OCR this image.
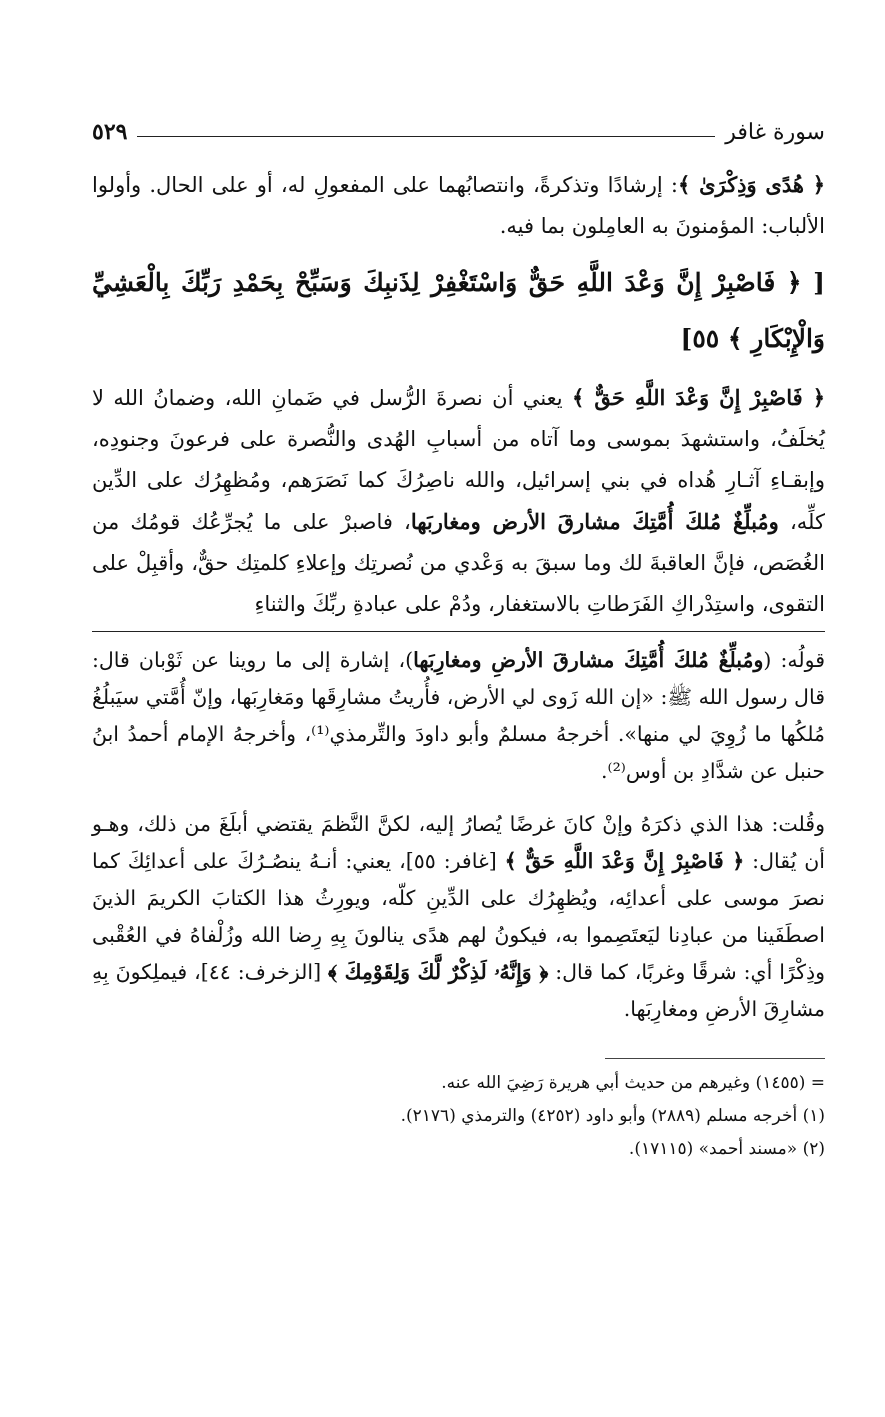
سورة غافر
٥٢٩

﴿ هُدًى وَذِكْرَىٰ ﴾: إرشادًا وتذكرةً، وانتصابُهما على المفعولِ له، أو على الحال. وأولوا الألباب: المؤمنونَ به العامِلون بما فيه.

[ ﴿ فَاصْبِرْ إِنَّ وَعْدَ اللَّهِ حَقٌّ وَاسْتَغْفِرْ لِذَنبِكَ وَسَبِّحْ بِحَمْدِ رَبِّكَ بِالْعَشِيِّ وَالْإِبْكَارِ ﴾ ٥٥]

﴿ فَاصْبِرْ إِنَّ وَعْدَ اللَّهِ حَقٌّ ﴾ يعني أن نصرةَ الرُّسل في ضَمانِ الله، وضمانُ الله لا يُخلَفُ، واستشهدَ بموسى وما آتاه من أسبابِ الهُدى والنُّصرة على فرعونَ وجنودِه، وإبقـاءِ آثـارِ هُداه في بني إسرائيل، والله ناصِرُكَ كما نَصَرَهم، ومُظهِرُك على الدِّين كلِّه، ومُبلِّغٌ مُلكَ أُمَّتِكَ مشارقَ الأرض ومغاربَها، فاصبرْ على ما يُجرِّعُك قومُك من الغُصَص، فإنَّ العاقبةَ لك وما سبقَ به وَعْدي من نُصرتِك وإعلاءِ كلمتِك حقٌّ، وأقبِلْ على التقوى، واستِدْراكِ الفَرَطاتِ بالاستغفار، ودُمْ على عبادةِ ربِّكَ والثناءِ

قولُه: (ومُبلِّغٌ مُلكَ أُمَّتِكَ مشارقَ الأرضِ ومغارِبَها)، إشارة إلى ما روينا عن ثَوْبان قال: قال رسول الله ﷺ: «إن الله زَوى لي الأرض، فأُريتُ مشارِقَها ومَغارِبَها، وإنّ أُمَّتي سيَبلُغُ مُلكُها ما زُوِيَ لي منها». أخرجهُ مسلمٌ وأبو داودَ والتِّرمذي⁽¹⁾، وأخرجهُ الإمام أحمدُ ابنُ حنبل عن شدَّادِ بن أوس⁽²⁾.

وقُلت: هذا الذي ذكرَهُ وإنْ كانَ غرضًا يُصارُ إليه، لكنَّ النَّظمَ يقتضي أبلَغَ من ذلك، وهـو أن يُقال: ﴿ فَاصْبِرْ إِنَّ وَعْدَ اللَّهِ حَقٌّ ﴾ [غافر: ٥٥]، يعني: أنـهُ ينصُـرُكَ على أعدائِكَ كما نصرَ موسى على أعدائِه، ويُظهِرُك على الدِّينِ كلّه، ويورِثُ هذا الكتابَ الكريمَ الذينَ اصطَفَينا من عبادِنا ليَعتَصِموا به، فيكونُ لهم هدًى ينالونَ بِهِ رِضا الله وزُلْفاهُ في العُقْبى وذِكْرًا أي: شرقًا وغربًا، كما قال: ﴿ وَإِنَّهُۥ لَذِكْرٌ لَّكَ وَلِقَوْمِكَ ﴾ [الزخرف: ٤٤]، فيملِكونَ بِهِ مشارِقَ الأرضِ ومغارِبَها.

= (١٤٥٥) وغيرهم من حديث أبي هريرة رَضِيَ الله عنه.
(١) أخرجه مسلم (٢٨٨٩) وأبو داود (٤٢٥٢) والترمذي (٢١٧٦).
(٢) «مسند أحمد» (١٧١١٥).
